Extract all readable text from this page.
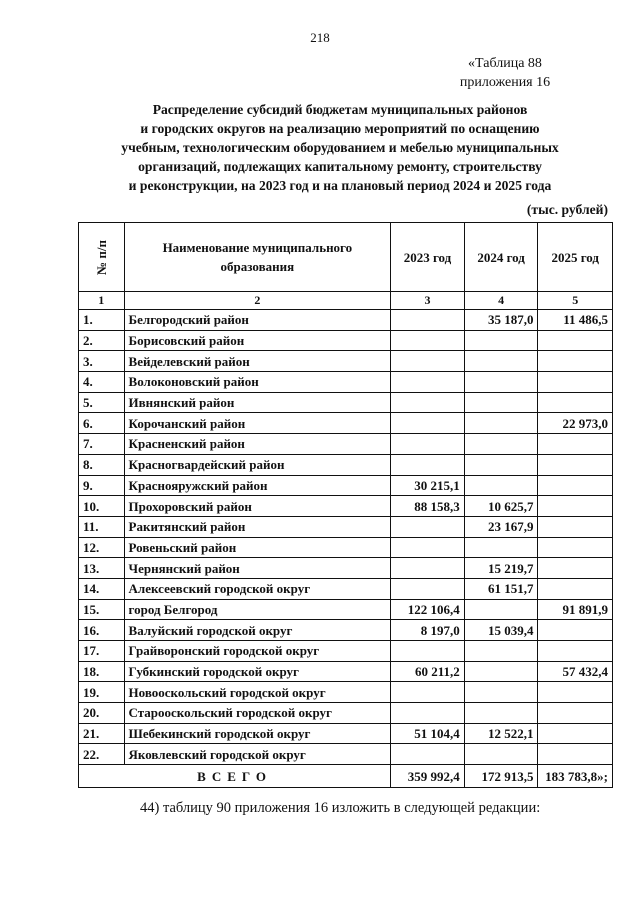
218
«Таблица 88
приложения 16
Распределение субсидий бюджетам муниципальных районов
и городских округов на реализацию мероприятий по оснащению
учебным, технологическим оборудованием и мебелью муниципальных
организаций, подлежащих капитальному ремонту, строительству
и реконструкции, на 2023 год и на плановый период 2024 и 2025 года
(тыс. рублей)
№ п/п	Наименование муниципального образования	2023 год	2024 год	2025 год
1	2	3	4	5
1.	Белгородский район		35 187,0	11 486,5
2.	Борисовский район			
3.	Вейделевский район			
4.	Волоконовский район			
5.	Ивнянский район			
6.	Корочанский район			22 973,0
7.	Красненский район			
8.	Красногвардейский район			
9.	Краснояружский район	30 215,1		
10.	Прохоровский район	88 158,3	10 625,7	
11.	Ракитянский район		23 167,9	
12.	Ровеньский район			
13.	Чернянский район		15 219,7	
14.	Алексеевский городской округ		61 151,7	
15.	город Белгород	122 106,4		91 891,9
16.	Валуйский городской округ	8 197,0	15 039,4	
17.	Грайворонский городской округ			
18.	Губкинский городской округ	60 211,2		57 432,4
19.	Новооскольский городской округ			
20.	Старооскольский городской округ			
21.	Шебекинский городской округ	51 104,4	12 522,1	
22.	Яковлевский городской округ			
ВСЕГО		359 992,4	172 913,5	183 783,8»;
44) таблицу 90 приложения 16 изложить в следующей редакции:
